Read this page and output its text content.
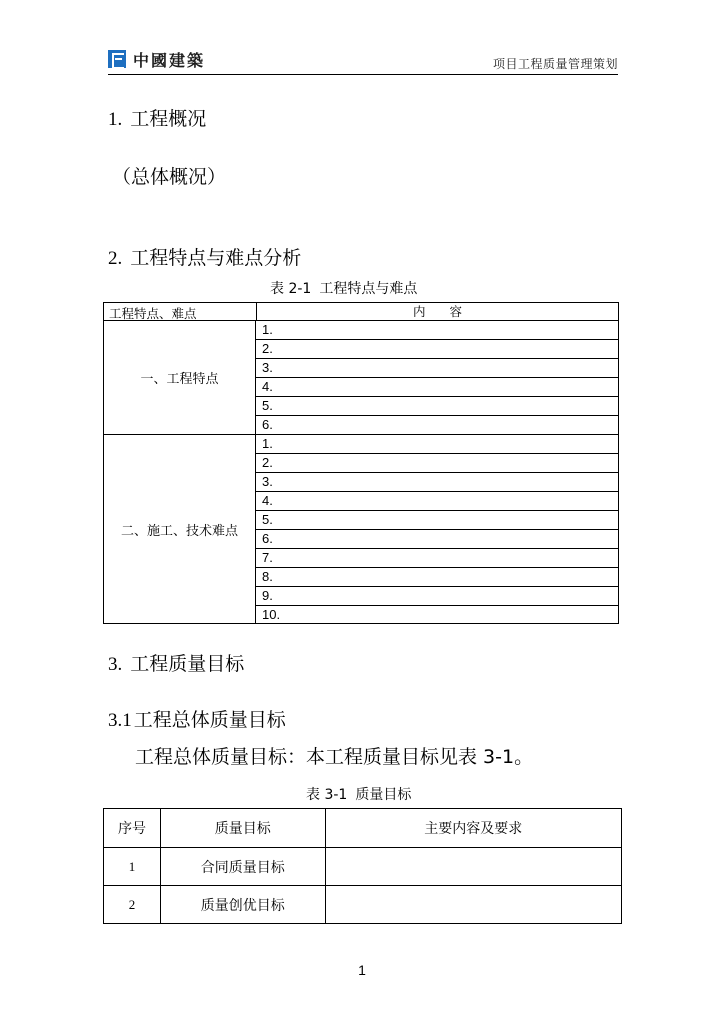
中國建築	项目工程质量管理策划
1. 工程概况
（总体概况）
2. 工程特点与难点分析
表 2-1 工程特点与难点
工程特点、难点	内容
一、工程特点
1.
2.
3.
4.
5.
6.
二、施工、技术难点
1.
2.
3.
4.
5.
6.
7.
8.
9.
10.
3. 工程质量目标
3.1 工程总体质量目标
工程总体质量目标：本工程质量目标见表 3-1。
表 3-1 质量目标
序号	质量目标	主要内容及要求
1	合同质量目标	
2	质量创优目标	
1
